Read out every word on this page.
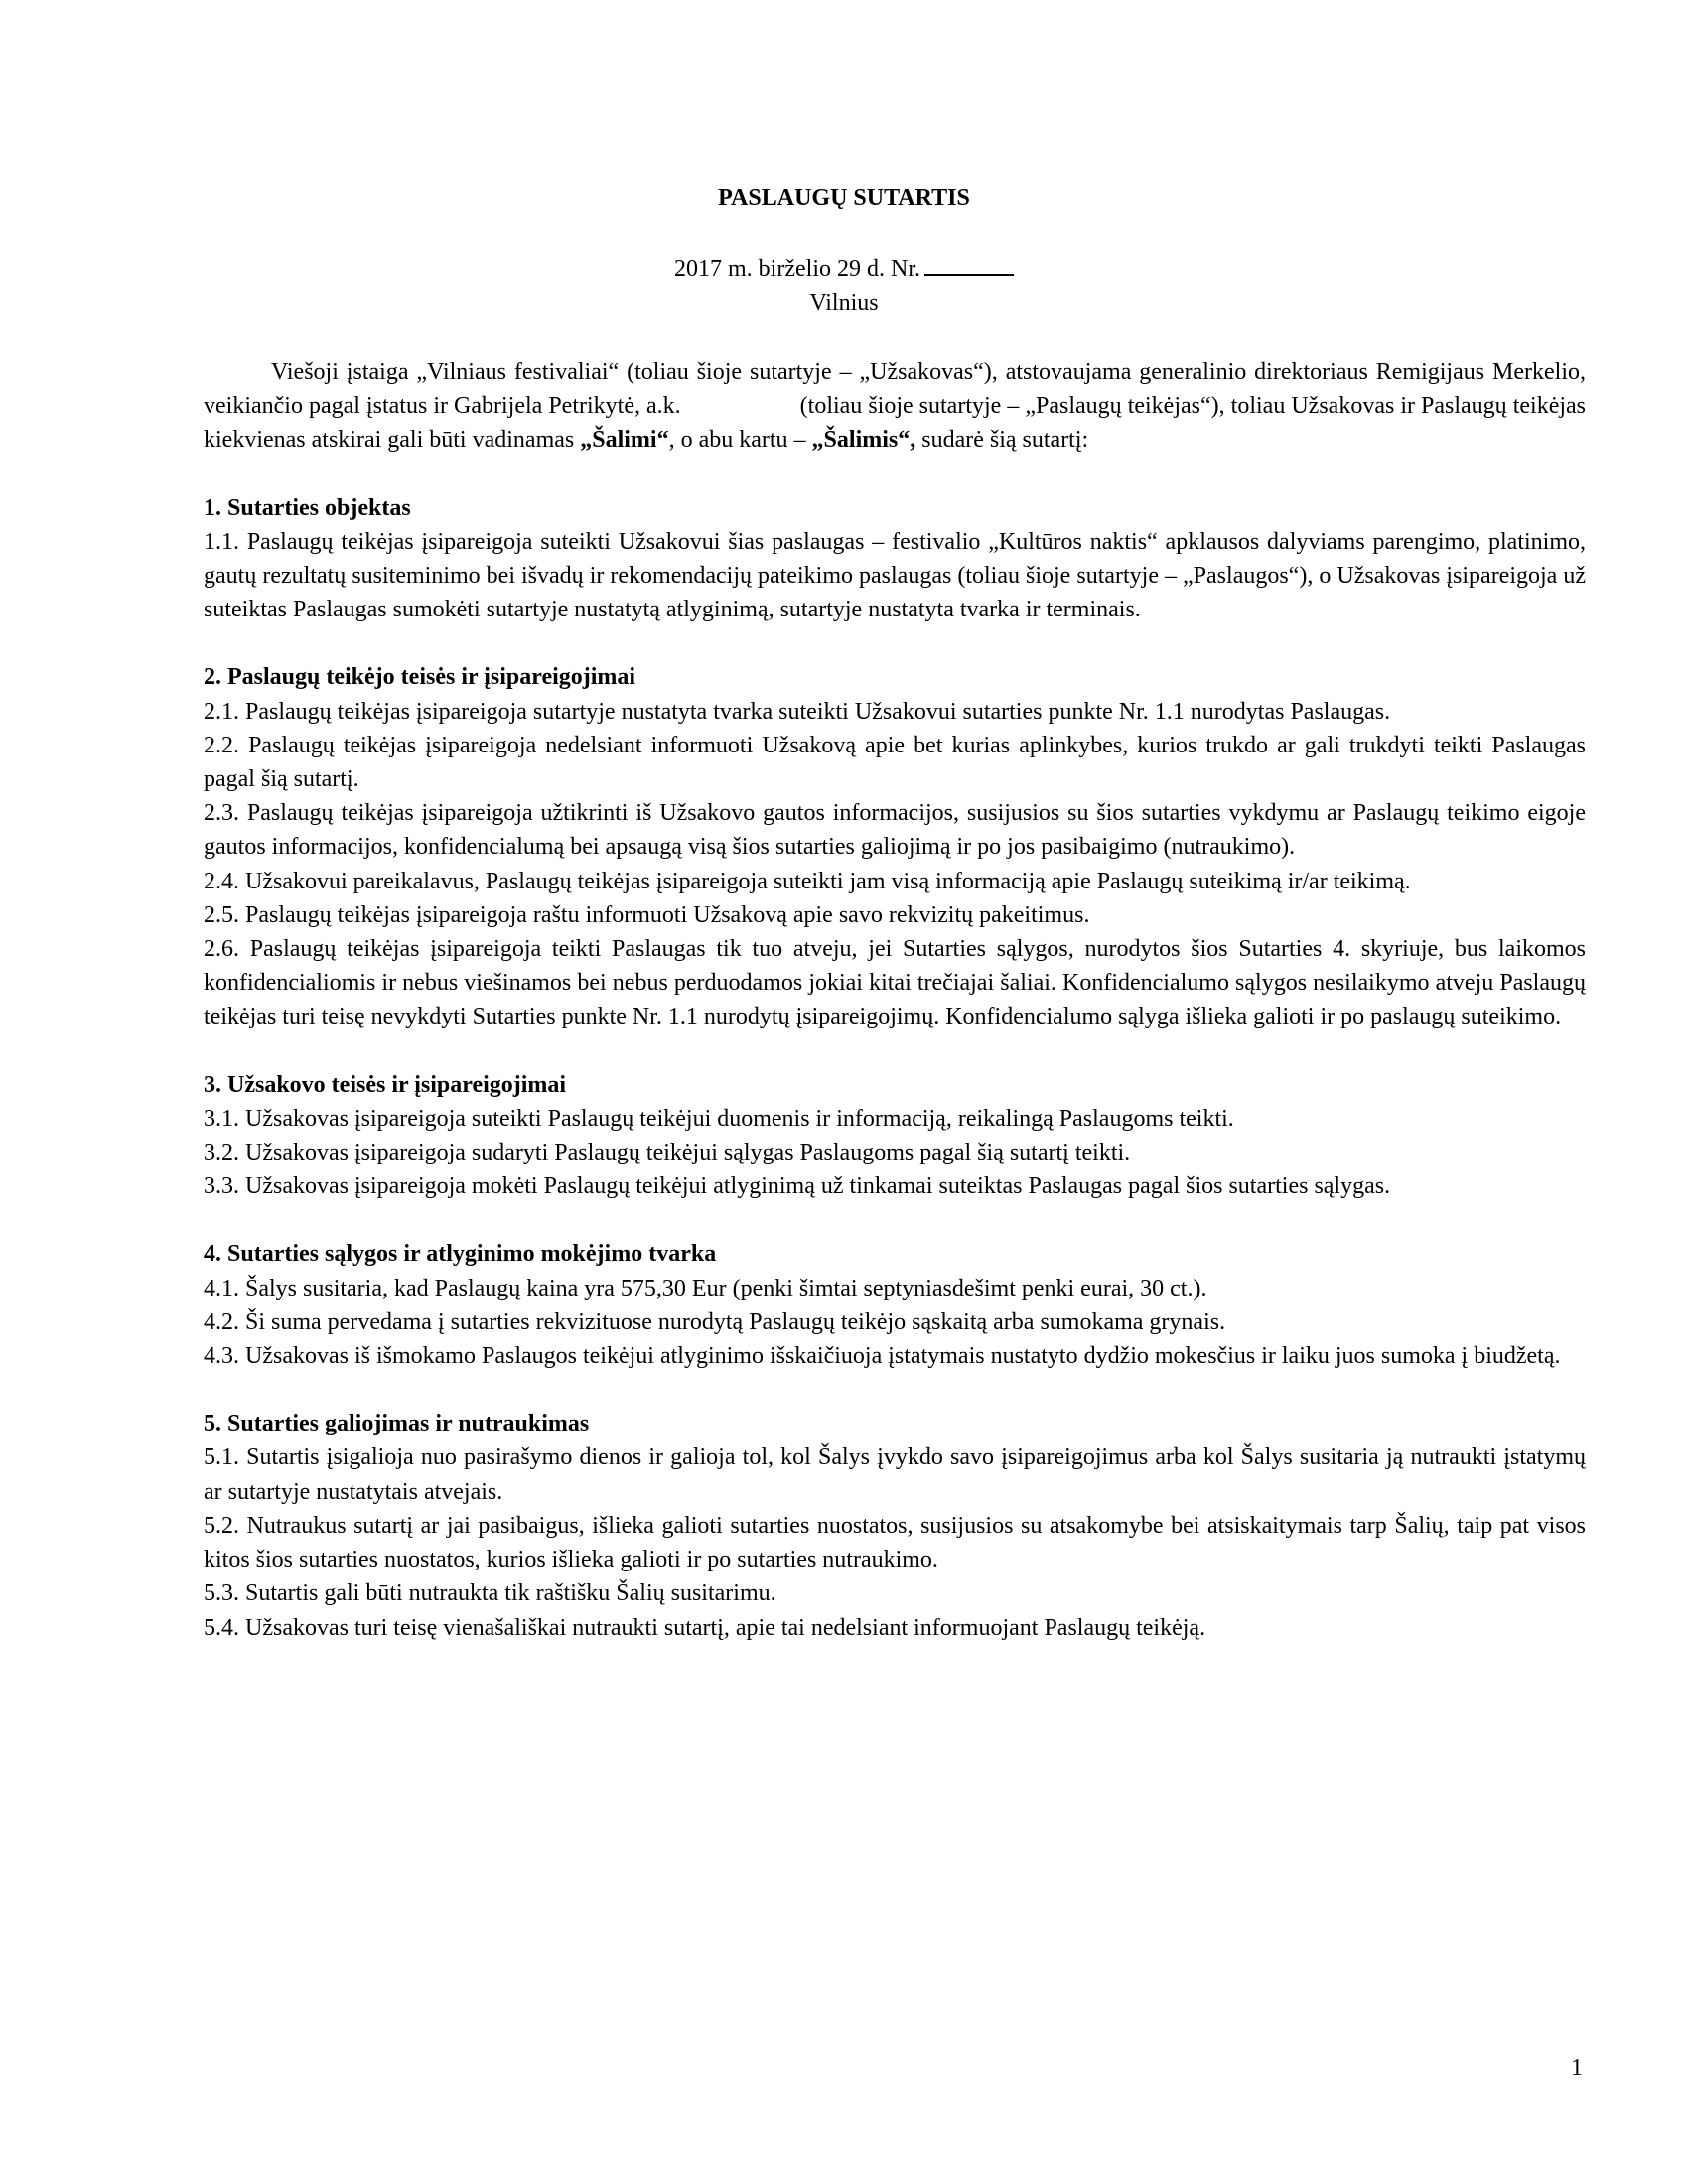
PASLAUGŲ SUTARTIS
2017 m. birželio 29 d. Nr.
Vilnius

Viešoji įstaiga „Vilniaus festivaliai“ (toliau šioje sutartyje – „Užsakovas“), atstovaujama generalinio direktoriaus Remigijaus Merkelio, veikiančio pagal įstatus ir Gabrijela Petrikytė, a.k.	(toliau šioje sutartyje – „Paslaugų teikėjas“), toliau Užsakovas ir Paslaugų teikėjas kiekvienas atskirai gali būti vadinamas „Šalimi“, o abu kartu – „Šalimis“, sudarė šią sutartį:

1. Sutarties objektas

1.1. Paslaugų teikėjas įsipareigoja suteikti Užsakovui šias paslaugas – festivalio „Kultūros naktis“ apklausos dalyviams parengimo, platinimo, gautų rezultatų susiteminimo bei išvadų ir rekomendacijų pateikimo paslaugas (toliau šioje sutartyje – „Paslaugos“), o Užsakovas įsipareigoja už suteiktas Paslaugas sumokėti sutartyje nustatytą atlyginimą, sutartyje nustatyta tvarka ir terminais.

2. Paslaugų teikėjo teisės ir įsipareigojimai

2.1. Paslaugų teikėjas įsipareigoja sutartyje nustatyta tvarka suteikti Užsakovui sutarties punkte Nr. 1.1 nurodytas Paslaugas.

2.2. Paslaugų teikėjas įsipareigoja nedelsiant informuoti Užsakovą apie bet kurias aplinkybes, kurios trukdo ar gali trukdyti teikti Paslaugas pagal šią sutartį.

2.3. Paslaugų teikėjas įsipareigoja užtikrinti iš Užsakovo gautos informacijos, susijusios su šios sutarties vykdymu ar Paslaugų teikimo eigoje gautos informacijos, konfidencialumą bei apsaugą visą šios sutarties galiojimą ir po jos pasibaigimo (nutraukimo).

2.4. Užsakovui pareikalavus, Paslaugų teikėjas įsipareigoja suteikti jam visą informaciją apie Paslaugų suteikimą ir/ar teikimą.

2.5. Paslaugų teikėjas įsipareigoja raštu informuoti Užsakovą apie savo rekvizitų pakeitimus.

2.6. Paslaugų teikėjas įsipareigoja teikti Paslaugas tik tuo atveju, jei Sutarties sąlygos, nurodytos šios Sutarties 4. skyriuje, bus laikomos konfidencialiomis ir nebus viešinamos bei nebus perduodamos jokiai kitai trečiajai šaliai. Konfidencialumo sąlygos nesilaikymo atveju Paslaugų teikėjas turi teisę nevykdyti Sutarties punkte Nr. 1.1 nurodytų įsipareigojimų. Konfidencialumo sąlyga išlieka galioti ir po paslaugų suteikimo.

3. Užsakovo teisės ir įsipareigojimai

3.1. Užsakovas įsipareigoja suteikti Paslaugų teikėjui duomenis ir informaciją, reikalingą Paslaugoms teikti.

3.2. Užsakovas įsipareigoja sudaryti Paslaugų teikėjui sąlygas Paslaugoms pagal šią sutartį teikti.

3.3. Užsakovas įsipareigoja mokėti Paslaugų teikėjui atlyginimą už tinkamai suteiktas Paslaugas pagal šios sutarties sąlygas.

4. Sutarties sąlygos ir atlyginimo mokėjimo tvarka

4.1. Šalys susitaria, kad Paslaugų kaina yra 575,30 Eur (penki šimtai septyniasdešimt penki eurai, 30 ct.).

4.2. Ši suma pervedama į sutarties rekvizituose nurodytą Paslaugų teikėjo sąskaitą arba sumokama grynais.

4.3. Užsakovas iš išmokamo Paslaugos teikėjui atlyginimo išskaičiuoja įstatymais nustatyto dydžio mokesčius ir laiku juos sumoka į biudžetą.

5. Sutarties galiojimas ir nutraukimas

5.1. Sutartis įsigalioja nuo pasirašymo dienos ir galioja tol, kol Šalys įvykdo savo įsipareigojimus arba kol Šalys susitaria ją nutraukti įstatymų ar sutartyje nustatytais atvejais.

5.2. Nutraukus sutartį ar jai pasibaigus, išlieka galioti sutarties nuostatos, susijusios su atsakomybe bei atsiskaitymais tarp Šalių, taip pat visos kitos šios sutarties nuostatos, kurios išlieka galioti ir po sutarties nutraukimo.

5.3. Sutartis gali būti nutraukta tik raštišku Šalių susitarimu.

5.4. Užsakovas turi teisę vienašališkai nutraukti sutartį, apie tai nedelsiant informuojant Paslaugų teikėją.

1
